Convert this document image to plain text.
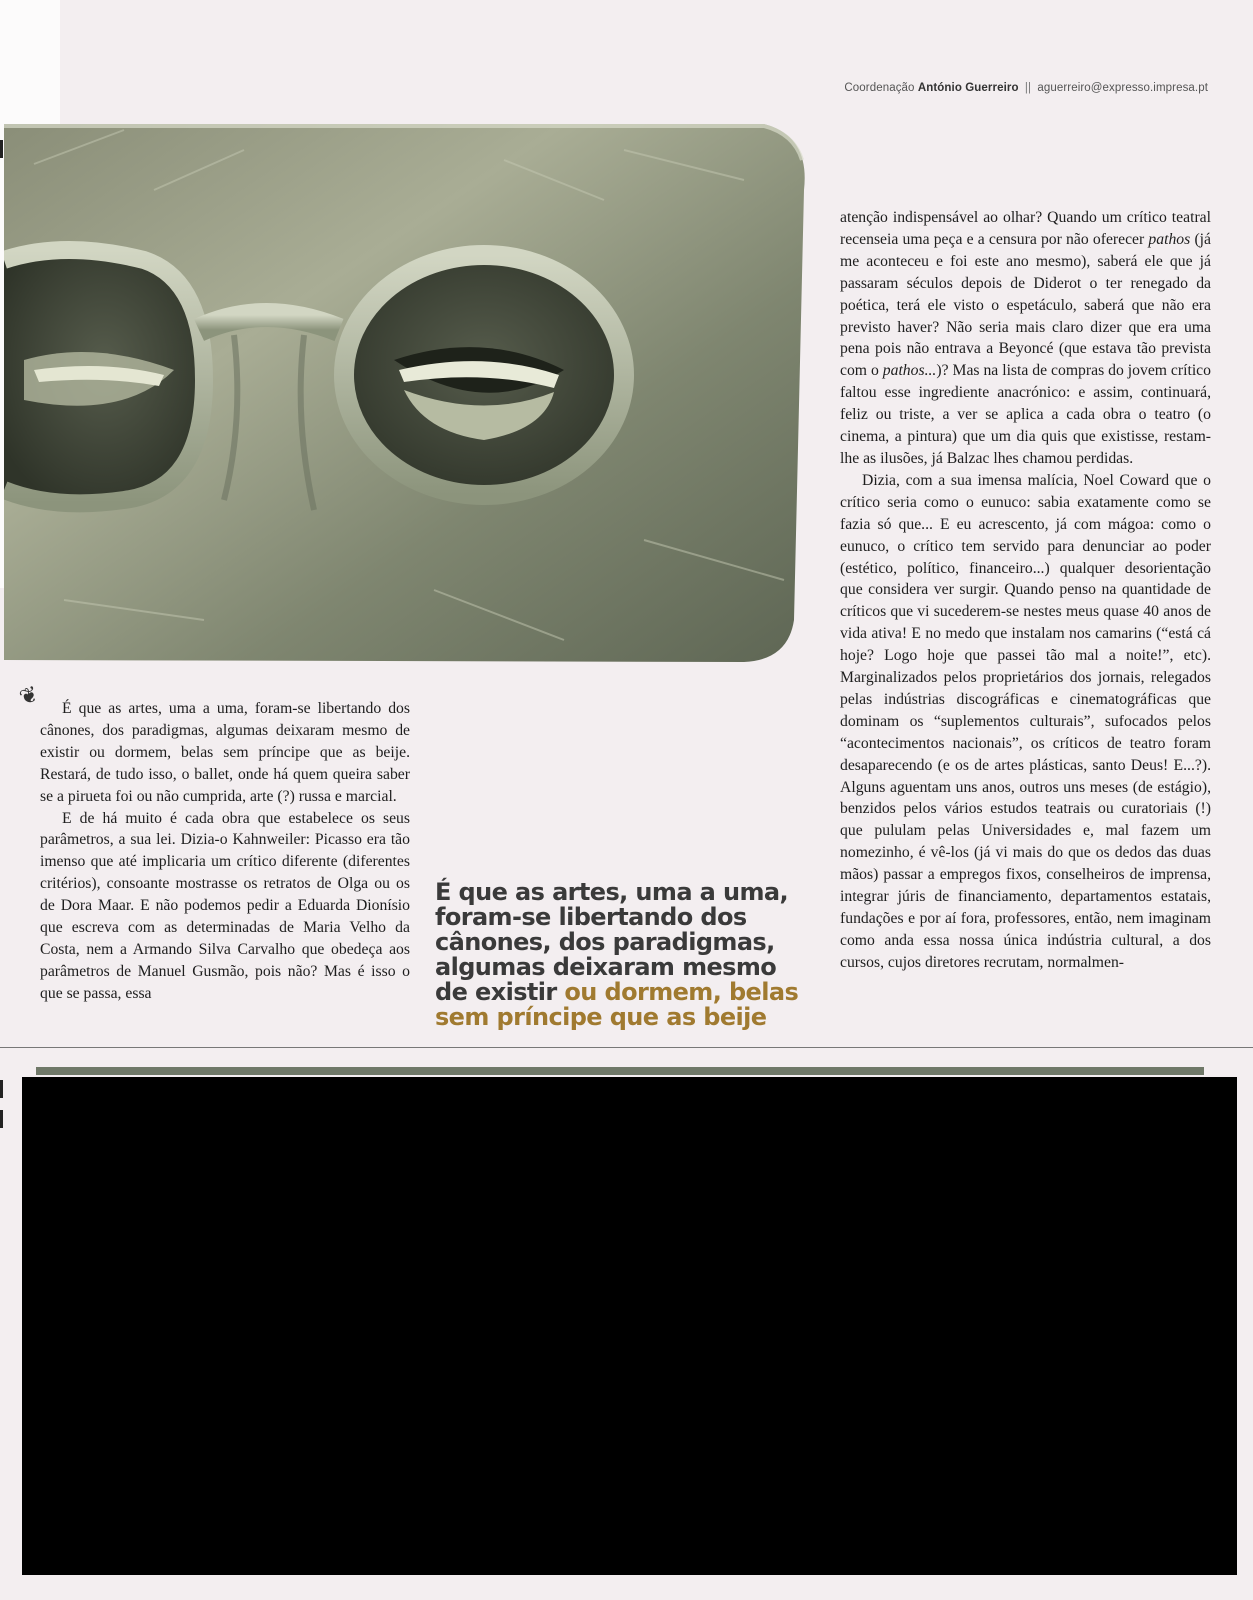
Coordenação António Guerreiro || aguerreiro@expresso.impresa.pt
❦	É que as artes, uma a uma, foram-se libertando dos cânones, dos paradigmas, algumas deixaram mesmo de existir ou dormem, belas sem príncipe que as beije. Restará, de tudo isso, o ballet, onde há quem queira saber se a pirueta foi ou não cumprida, arte (?) russa e marcial.

E de há muito é cada obra que estabelece os seus parâmetros, a sua lei. Dizia-o Kahnweiler: Picasso era tão imenso que até implicaria um crítico diferente (diferentes critérios), consoante mostrasse os retratos de Olga ou os de Dora Maar. E não podemos pedir a Eduarda Dionísio que escreva com as determinadas de Maria Velho da Costa, nem a Armando Silva Carvalho que obedeça aos parâmetros de Manuel Gusmão, pois não? Mas é isso o que se passa, essa

atenção indispensável ao olhar? Quando um crítico teatral recenseia uma peça e a censura por não oferecer pathos (já me aconteceu e foi este ano mesmo), saberá ele que já passaram séculos depois de Diderot o ter renegado da poética, terá ele visto o espetáculo, saberá que não era previsto haver? Não seria mais claro dizer que era uma pena pois não entrava a Beyoncé (que estava tão prevista com o pathos...)? Mas na lista de compras do jovem crítico faltou esse ingrediente anacrónico: e assim, continuará, feliz ou triste, a ver se aplica a cada obra o teatro (o cinema, a pintura) que um dia quis que existisse, restam-lhe as ilusões, já Balzac lhes chamou perdidas.

Dizia, com a sua imensa malícia, Noel Coward que o crítico seria como o eunuco: sabia exatamente como se fazia só que... E eu acrescento, já com mágoa: como o eunuco, o crítico tem servido para denunciar ao poder (estético, político, financeiro...) qualquer desorientação que considera ver surgir. Quando penso na quantidade de críticos que vi sucederem-se nestes meus quase 40 anos de vida ativa! E no medo que instalam nos camarins (“está cá hoje? Logo hoje que passei tão mal a noite!”, etc). Marginalizados pelos proprietários dos jornais, relegados pelas indústrias discográficas e cinematográficas que dominam os “suplementos culturais”, sufocados pelos “acontecimentos nacionais”, os críticos de teatro foram desaparecendo (e os de artes plásticas, santo Deus! E...?). Alguns aguentam uns anos, outros uns meses (de estágio), benzidos pelos vários estudos teatrais ou curatoriais (!) que pululam pelas Universidades e, mal fazem um nomezinho, é vê-los (já vi mais do que os dedos das duas mãos) passar a empregos fixos, conselheiros de imprensa, integrar júris de financiamento, departamentos estatais, fundações e por aí fora, professores, então, nem imaginam como anda essa nossa única indústria cultural, a dos cursos, cujos diretores recrutam, normalmen-

É que as artes, uma a uma, foram-se libertando dos cânones, dos paradigmas, algumas deixaram mesmo de existir ou dormem, belas sem príncipe que as beije
